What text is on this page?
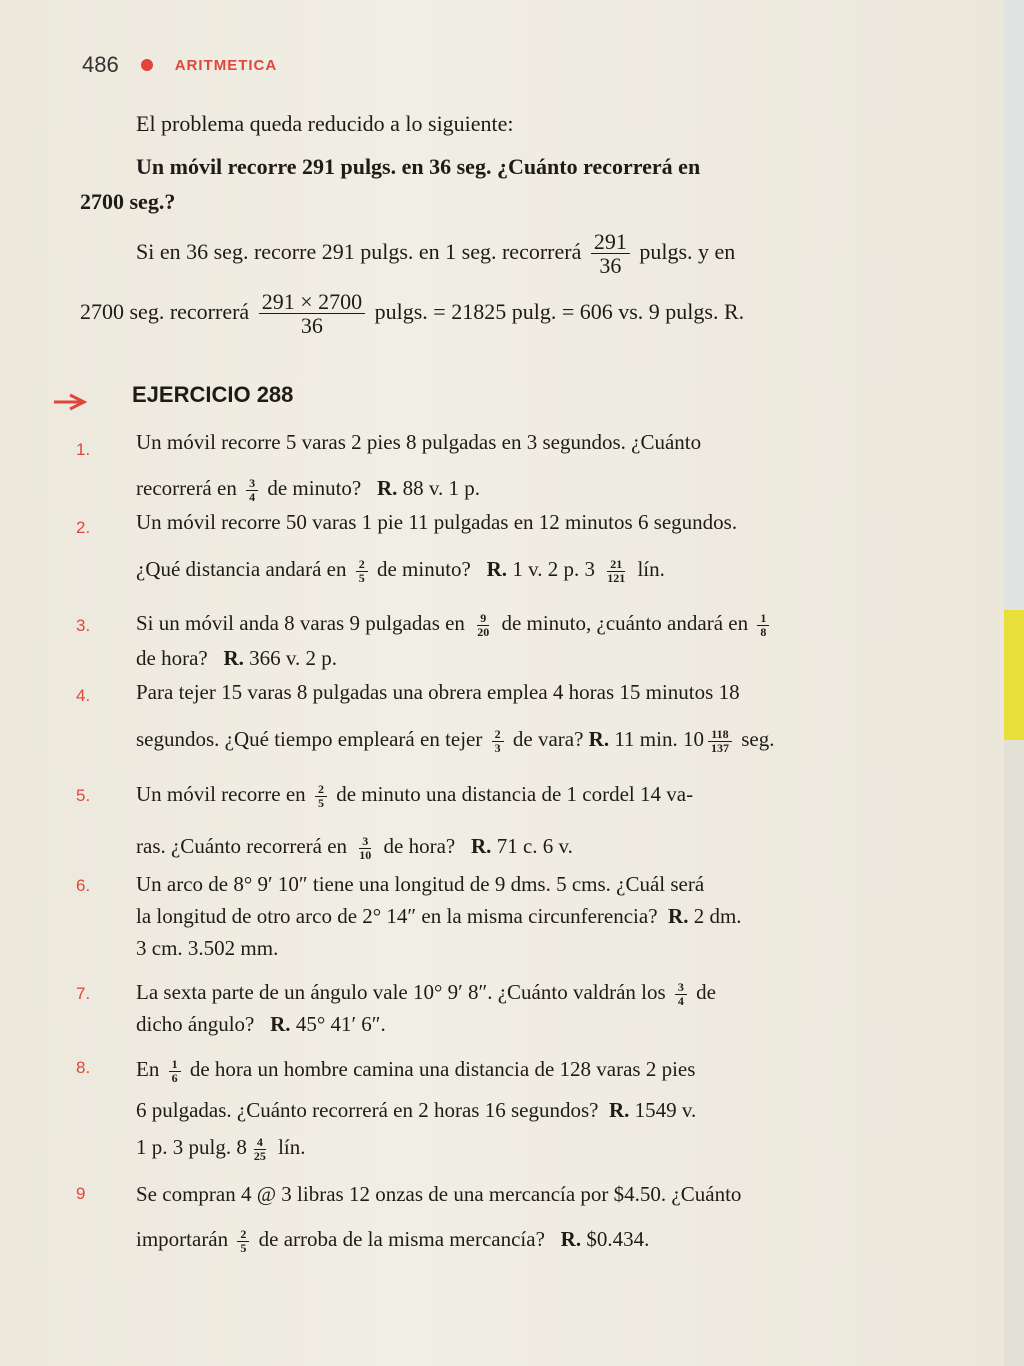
486	ARITMETICA
El problema queda reducido a lo siguiente:
Un móvil recorre 291 pulgs. en 36 seg. ¿Cuánto recorrerá en
2700 seg.?
Si en 36 seg. recorre 291 pulgs. en 1 seg. recorrerá $\frac{291}{36} pulgs$. y en
2700 seg. recorrerá $\frac{291 \times 2700}{36} pulgs$. = 21825 pulg. = 606 vs. 9 pulgs. R.
EJERCICIO 288
1. Un móvil recorre 5 varas 2 pies 8 pulgadas en 3 segundos. ¿Cuánto
recorrerá en $\frac{3}{4}$ de minuto? R. 88 v. 1 p.
2. Un móvil recorre 50 varas 1 pie 11 pulgadas en 12 minutos 6 segundos.
¿Qué distancia andará en $\frac{2}{5}$ de minuto? R. 1 v. 2 p. $3 \frac{21}{121}$ lín.
3. Si un móvil anda 8 varas 9 pulgadas en $\frac{9}{20}$ de minuto, ¿cuánto andará en $\frac{1}{8}$
de hora? R. 366 v. 2 p.
4. Para tejer 15 varas 8 pulgadas una obrera emplea 4 horas 15 minutos 18
segundos. ¿Qué tiempo empleará en tejer $\frac{2}{3}$ de vara? R. 11 min. $10 \frac{118}{137}$ seg.
5. Un móvil recorre en $\frac{2}{5}$ de minuto una distancia de 1 cordel 14 va-
ras. ¿Cuánto recorrerá en $\frac{3}{10}$ de hora? R. 71 c. 6 v.
6. Un arco de 8° 9′ 10″ tiene una longitud de 9 dms. 5 cms. ¿Cuál será
la longitud de otro arco de 2° 14″ en la misma circunferencia? R. 2 dm.
3 cm. 3.502 mm.
7. La sexta parte de un ángulo vale 10° 9′ 8″. ¿Cuánto valdrán los $\frac{3}{4}$ de
dicho ángulo? R. 45° 41′ 6″.
8. En $\frac{1}{6}$ de hora un hombre camina una distancia de 128 varas 2 pies
6 pulgadas. ¿Cuánto recorrerá en 2 horas 16 segundos? R. 1549 v.
1 p. 3 pulg. $8 \frac{4}{25}$ lín.
9 Se compran 4 @ 3 libras 12 onzas de una mercancía por $4.50. ¿Cuánto
importarán $\frac{2}{5}$ de arroba de la misma mercancía? R. $0.434.
